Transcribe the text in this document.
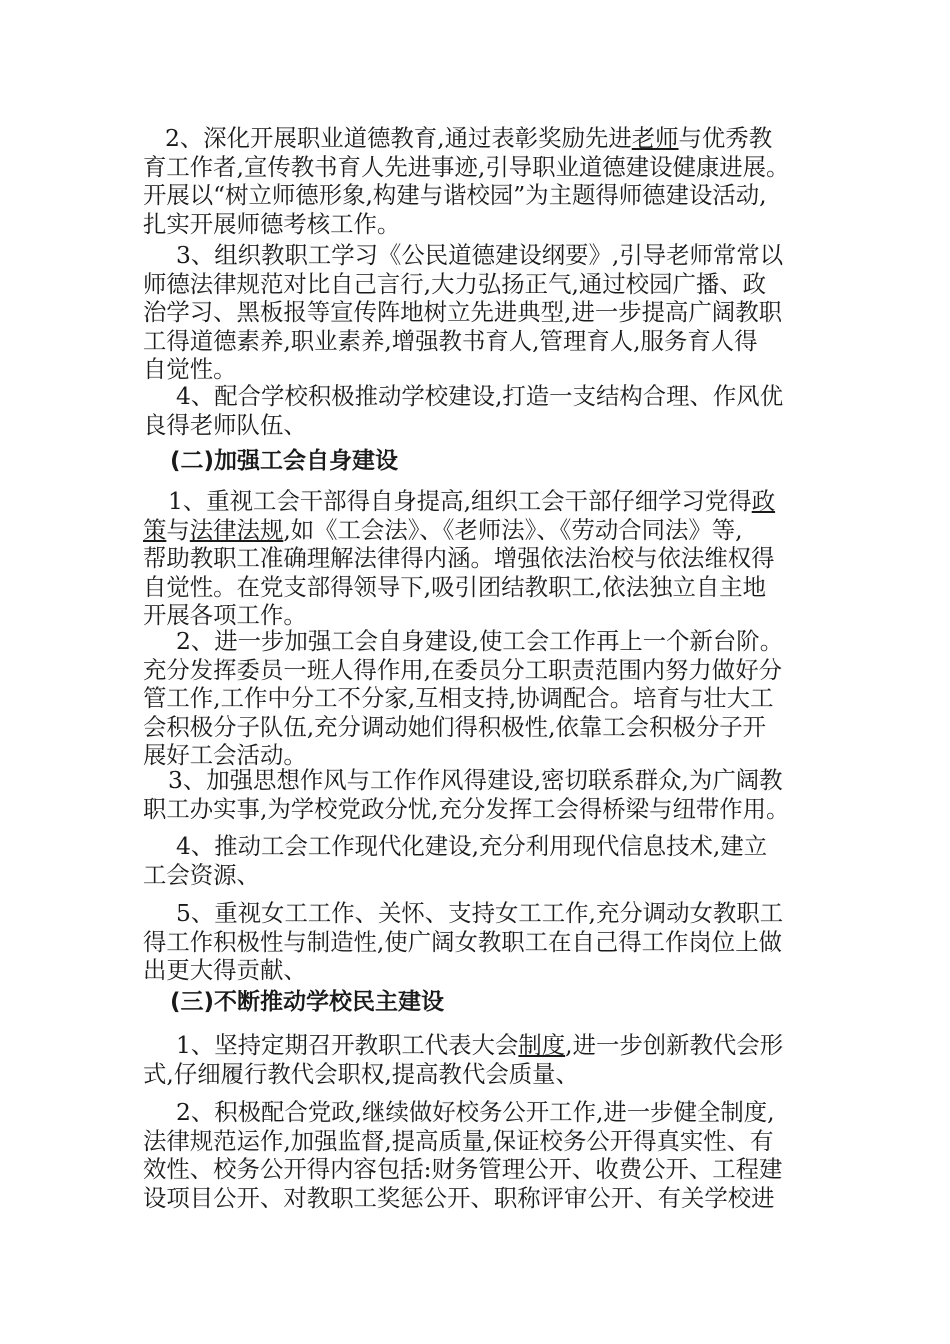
2、深化开展职业道德教育,通过表彰奖励先进老师与优秀教
育工作者,宣传教书育人先进事迹,引导职业道德建设健康进展。
开展以“树立师德形象,构建与谐校园”为主题得师德建设活动,
扎实开展师德考核工作。
3、组织教职工学习《公民道德建设纲要》,引导老师常常以
师德法律规范对比自己言行,大力弘扬正气,通过校园广播、政
治学习、黑板报等宣传阵地树立先进典型,进一步提高广阔教职
工得道德素养,职业素养,增强教书育人,管理育人,服务育人得
自觉性。
4、配合学校积极推动学校建设,打造一支结构合理、作风优
良得老师队伍、
(二)加强工会自身建设
1、重视工会干部得自身提高,组织工会干部仔细学习党得政
策与法律法规,如《工会法》、《老师法》、《劳动合同法》等,
帮助教职工准确理解法律得内涵。增强依法治校与依法维权得
自觉性。在党支部得领导下,吸引团结教职工,依法独立自主地
开展各项工作。
2、进一步加强工会自身建设,使工会工作再上一个新台阶。
充分发挥委员一班人得作用,在委员分工职责范围内努力做好分
管工作,工作中分工不分家,互相支持,协调配合。培育与壮大工
会积极分子队伍,充分调动她们得积极性,依靠工会积极分子开
展好工会活动。
3、加强思想作风与工作作风得建设,密切联系群众,为广阔教
职工办实事,为学校党政分忧,充分发挥工会得桥梁与纽带作用。
4、推动工会工作现代化建设,充分利用现代信息技术,建立
工会资源、
5、重视女工工作、关怀、支持女工工作,充分调动女教职工
得工作积极性与制造性,使广阔女教职工在自己得工作岗位上做
出更大得贡献、
(三)不断推动学校民主建设
1、坚持定期召开教职工代表大会制度,进一步创新教代会形
式,仔细履行教代会职权,提高教代会质量、
2、积极配合党政,继续做好校务公开工作,进一步健全制度,
法律规范运作,加强监督,提高质量,保证校务公开得真实性、有
效性、校务公开得内容包括:财务管理公开、收费公开、工程建
设项目公开、对教职工奖惩公开、职称评审公开、有关学校进
